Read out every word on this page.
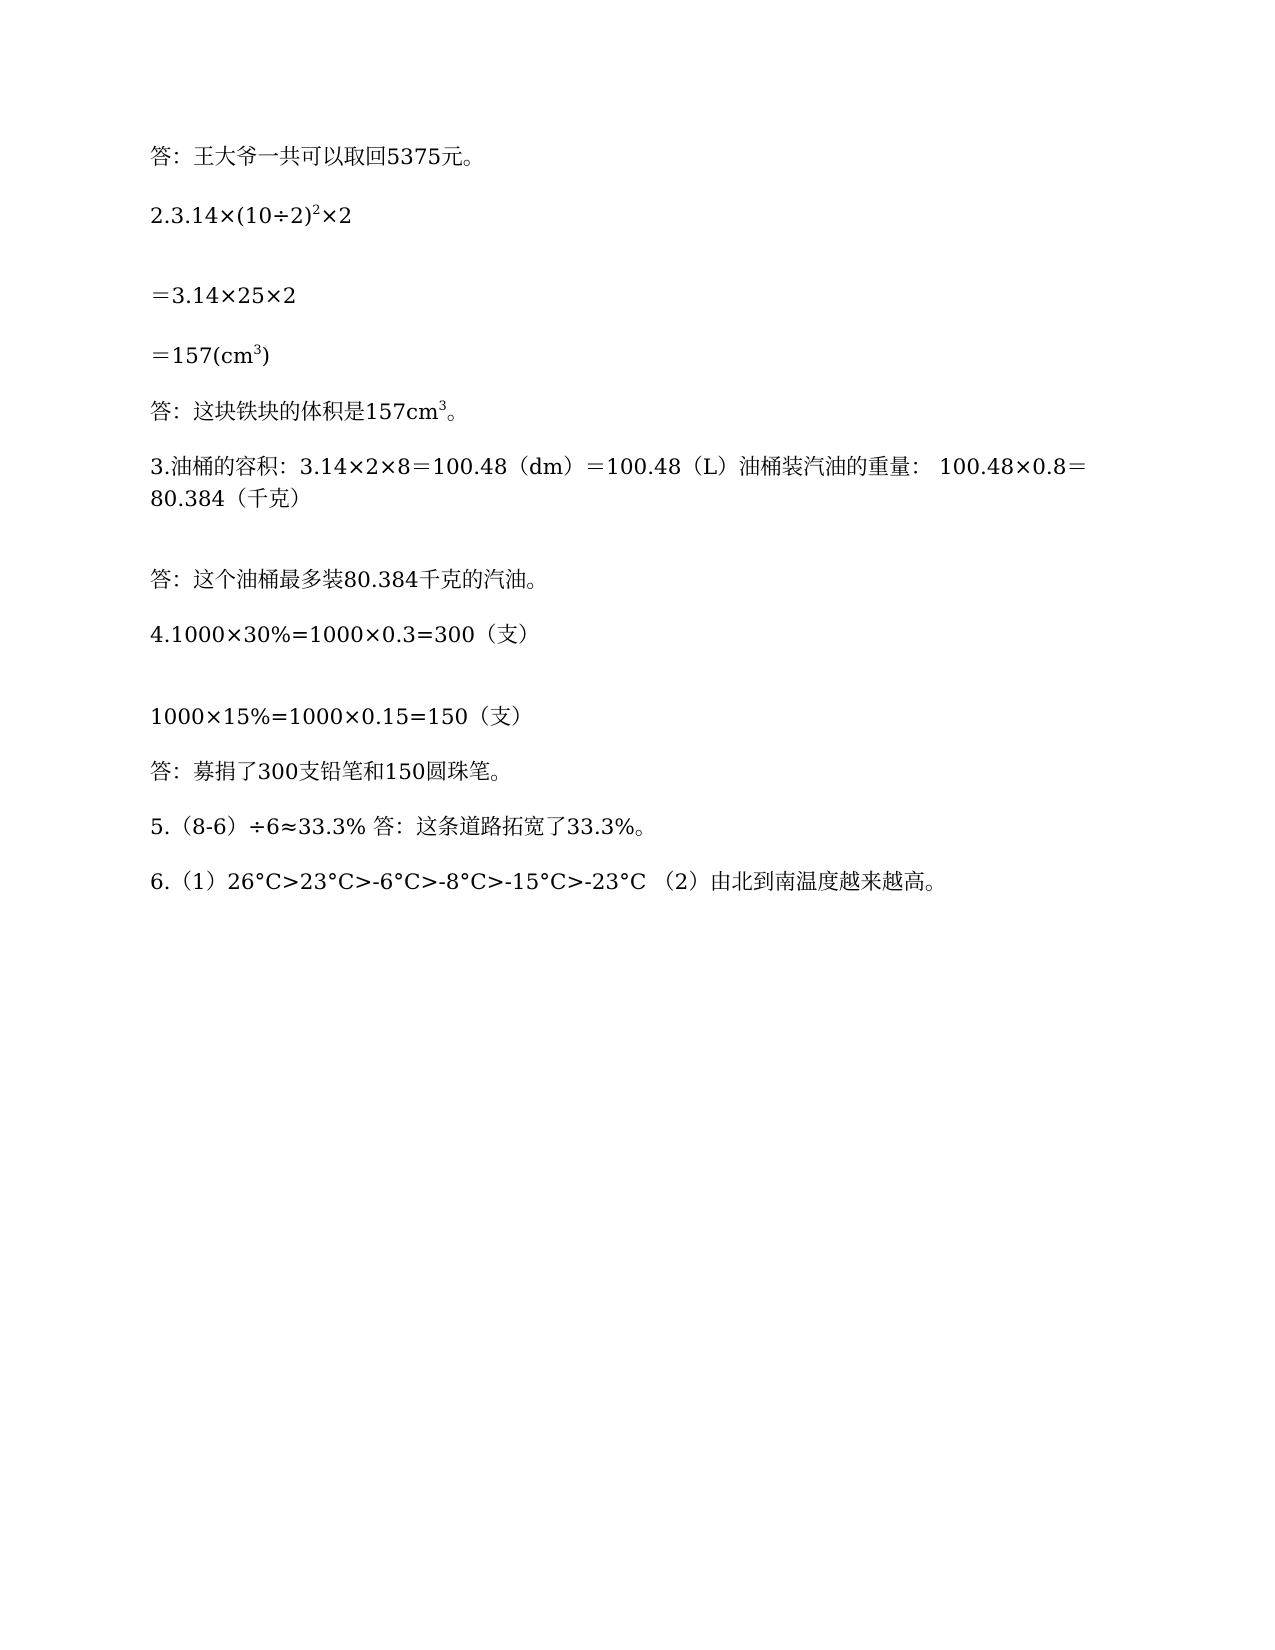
答：王大爷一共可以取回5375元。
$2.3.14\times(10\div 2)^2\times 2$
＝3.14×25×2
$=157(cm^3)$
答：这块铁块的体积是$157cm^3$。
3.油桶的容积：3.14×2×8＝100.48（dm）＝100.48（L）油桶装汽油的重量： 100.48×0.8＝80.384（千克）
答：这个油桶最多装80.384千克的汽油。
4.1000×30%=1000×0.3=300（支）
1000×15%=1000×0.15=150（支）
答：募捐了300支铅笔和150圆珠笔。
5.（8-6）÷6≈33.3% 答：这条道路拓宽了33.3%。
6.（1）26°C>23°C>-6°C>-8°C>-15°C>-23°C （2）由北到南温度越来越高。
